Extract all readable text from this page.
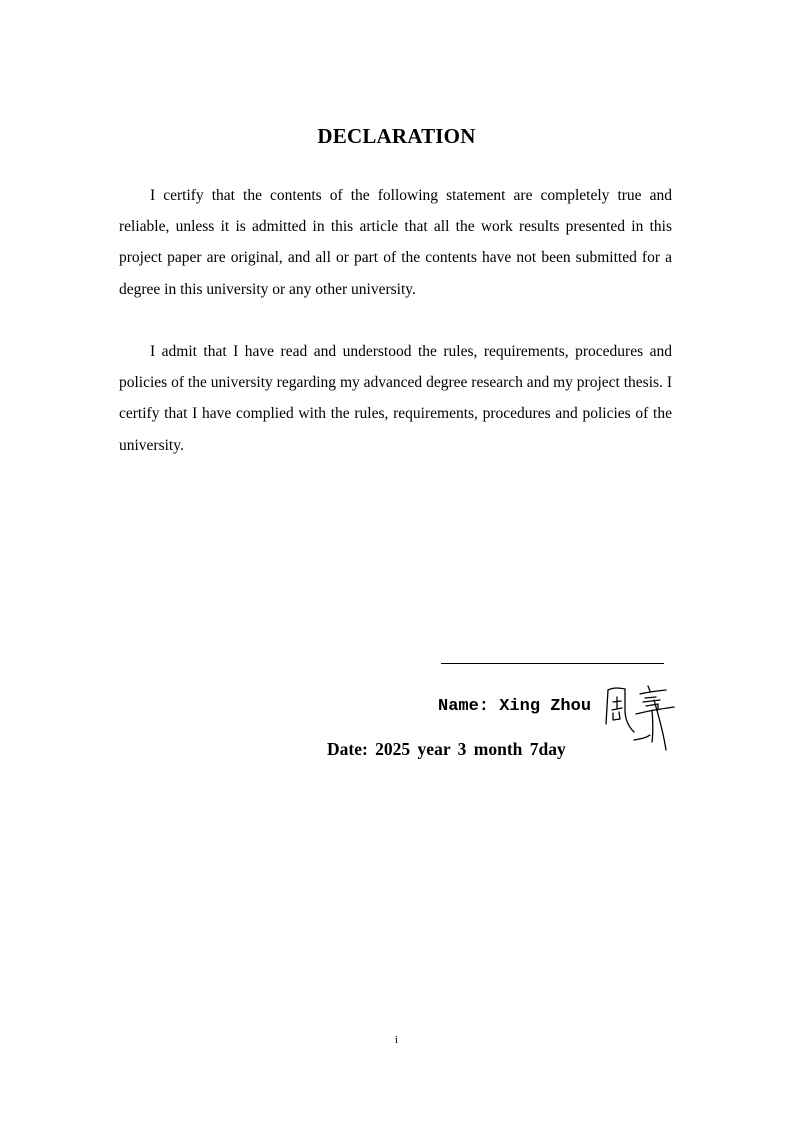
DECLARATION

I certify that the contents of the following statement are completely true and reliable, unless it is admitted in this article that all the work results presented in this project paper are original, and all or part of the contents have not been submitted for a degree in this university or any other university.

I admit that I have read and understood the rules, requirements, procedures and policies of the university regarding my advanced degree research and my project thesis. I certify that I have complied with the rules, requirements, procedures and policies of the university.

Name: Xing Zhou
Date: 2025 year 3 month 7day
i
